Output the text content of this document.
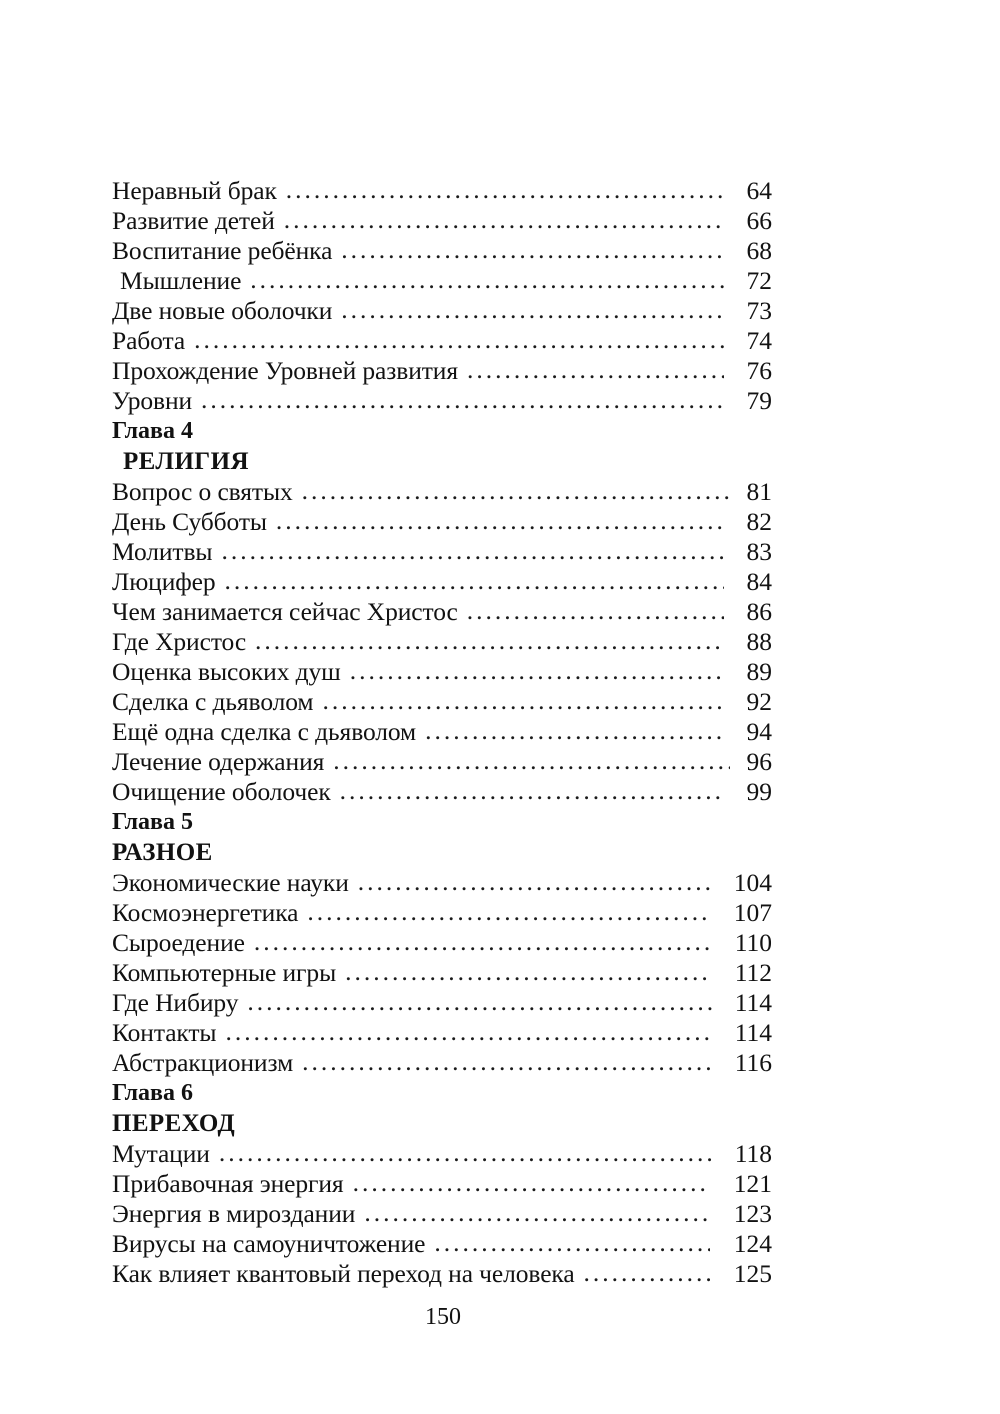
Неравный брак .....	64
Развитие детей .....	66
Воспитание ребёнка .....	68
Мышление .....	72
Две новые оболочки .....	73
Работа .....	74
Прохождение Уровней развития .....	76
Уровни .....	79
Глава 4
РЕЛИГИЯ
Вопрос о святых .....	81
День Субботы .....	82
Молитвы .....	83
Люцифер .....	84
Чем занимается сейчас Христос .....	86
Где Христос .....	88
Оценка высоких душ .....	89
Сделка с дьяволом .....	92
Ещё одна сделка с дьяволом .....	94
Лечение одержания .....	96
Очищение оболочек .....	99
Глава 5
РАЗНОЕ
Экономические науки .....	104
Космоэнергетика .....	107
Сыроедение .....	110
Компьютерные игры .....	112
Где Нибиру .....	114
Контакты .....	114
Абстракционизм .....	116
Глава 6
ПЕРЕХОД
Мутации .....	118
Прибавочная энергия .....	121
Энергия в мироздании .....	123
Вирусы на самоуничтожение .....	124
Как влияет квантовый переход на человека .....	125
150
